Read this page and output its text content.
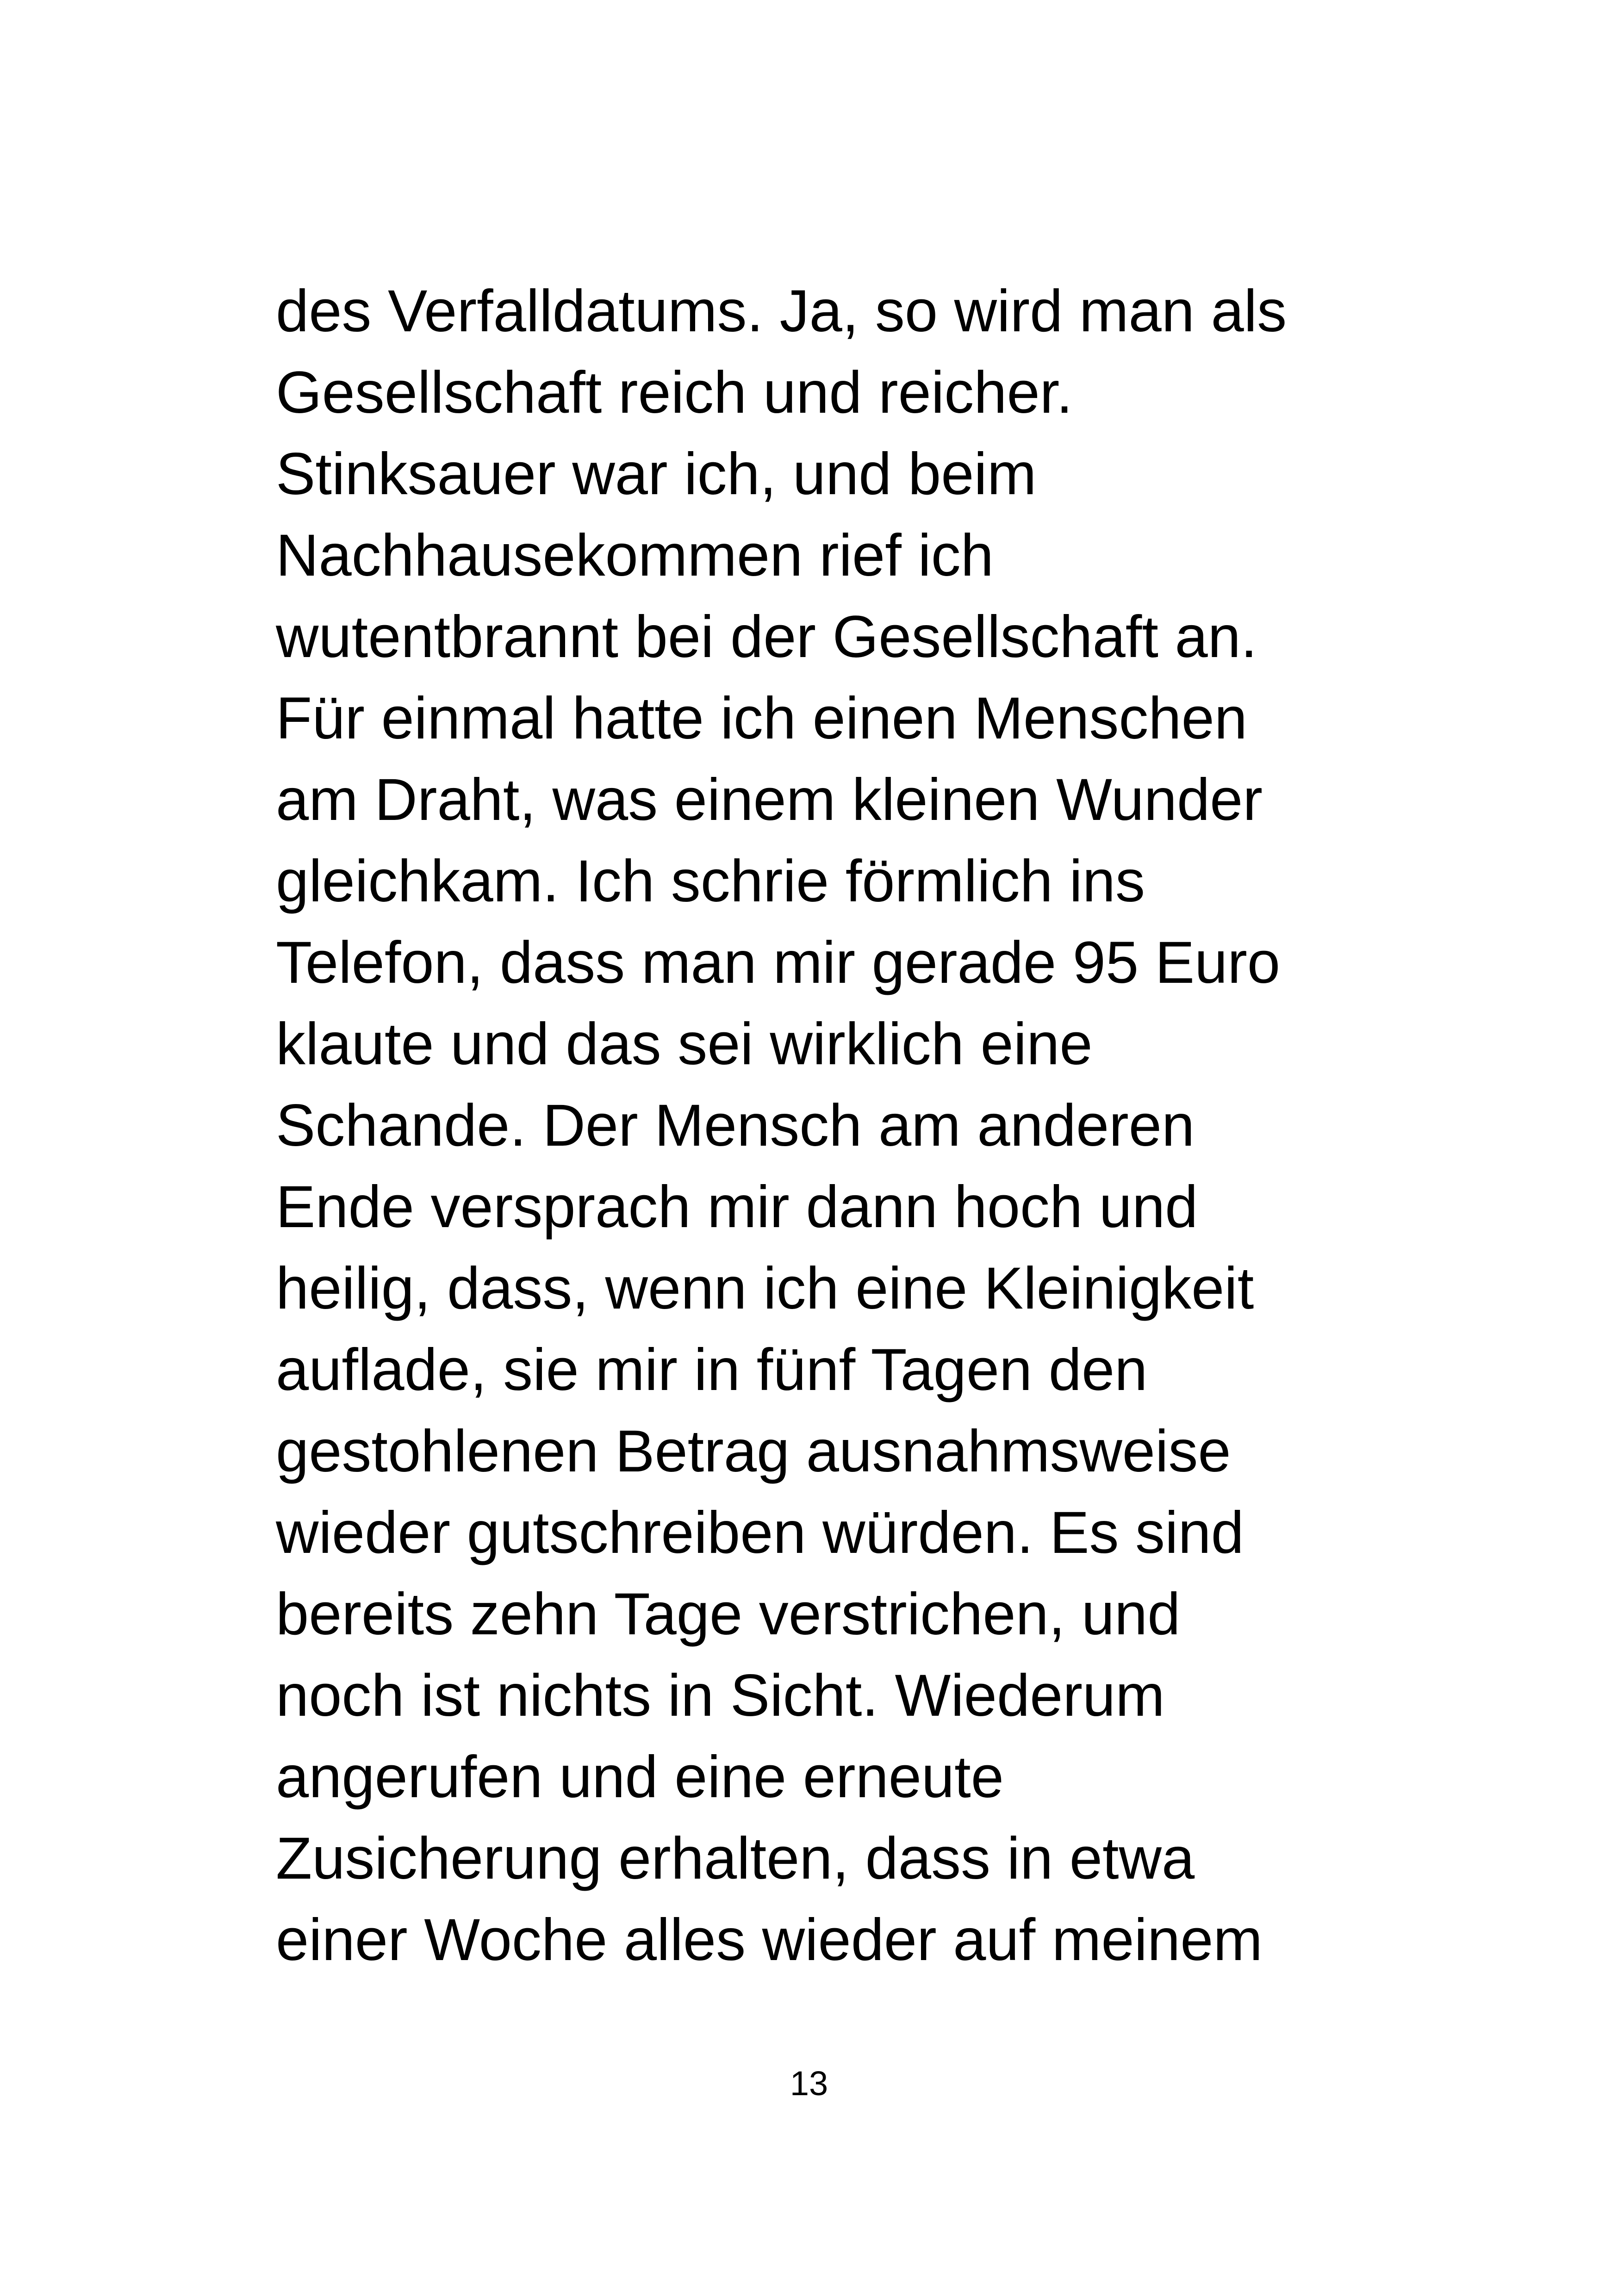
des Verfalldatums. Ja, so wird man als
Gesellschaft reich und reicher.
Stinksauer war ich, und beim
Nachhausekommen rief ich
wutentbrannt bei der Gesellschaft an.
Für einmal hatte ich einen Menschen
am Draht, was einem kleinen Wunder
gleichkam. Ich schrie förmlich ins
Telefon, dass man mir gerade 95 Euro
klaute und das sei wirklich eine
Schande. Der Mensch am anderen
Ende versprach mir dann hoch und
heilig, dass, wenn ich eine Kleinigkeit
auflade, sie mir in fünf Tagen den
gestohlenen Betrag ausnahmsweise
wieder gutschreiben würden. Es sind
bereits zehn Tage verstrichen, und
noch ist nichts in Sicht. Wiederum
angerufen und eine erneute
Zusicherung erhalten, dass in etwa
einer Woche alles wieder auf meinem
13
